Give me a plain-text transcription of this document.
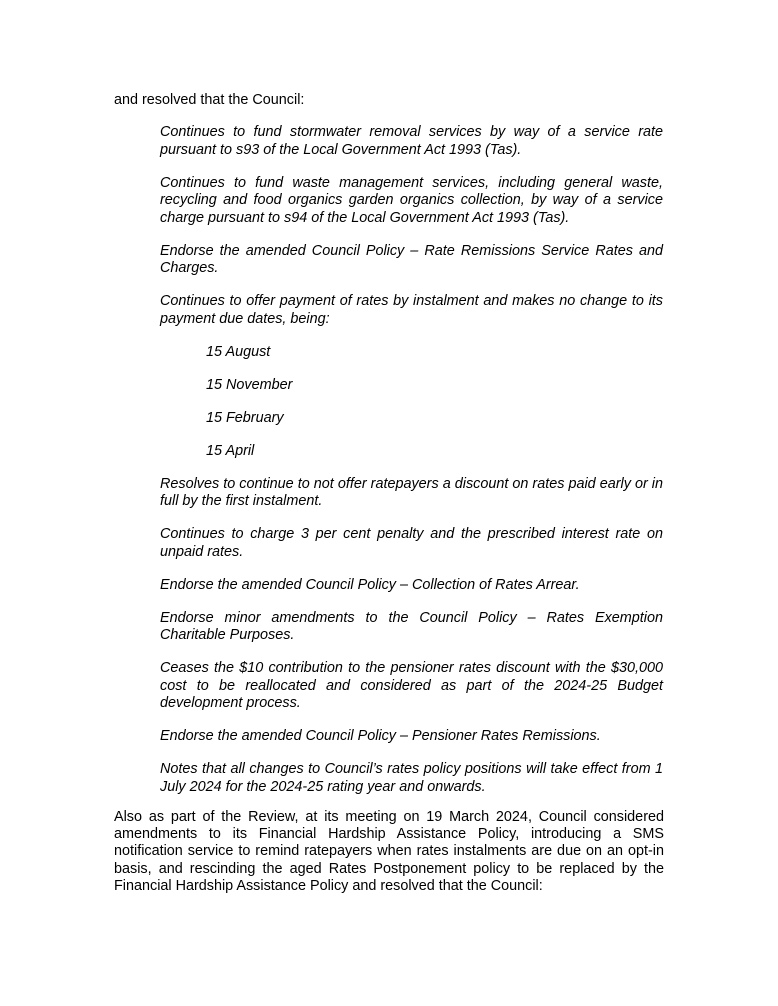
and resolved that the Council:

Continues to fund stormwater removal services by way of a service rate pursuant to s93 of the Local Government Act 1993 (Tas).
Continues to fund waste management services, including general waste, recycling and food organics garden organics collection, by way of a service charge pursuant to s94 of the Local Government Act 1993 (Tas).
Endorse the amended Council Policy – Rate Remissions Service Rates and Charges.
Continues to offer payment of rates by instalment and makes no change to its payment due dates, being:
15 August
15 November
15 February
15 April
Resolves to continue to not offer ratepayers a discount on rates paid early or in full by the first instalment.
Continues to charge 3 per cent penalty and the prescribed interest rate on unpaid rates.
Endorse the amended Council Policy – Collection of Rates Arrear.
Endorse minor amendments to the Council Policy – Rates Exemption Charitable Purposes.
Ceases the $10 contribution to the pensioner rates discount with the $30,000 cost to be reallocated and considered as part of the 2024-25 Budget development process.
Endorse the amended Council Policy – Pensioner Rates Remissions.
Notes that all changes to Council’s rates policy positions will take effect from 1 July 2024 for the 2024-25 rating year and onwards.

Also as part of the Review, at its meeting on 19 March 2024, Council considered amendments to its Financial Hardship Assistance Policy, introducing a SMS notification service to remind ratepayers when rates instalments are due on an opt-in basis, and rescinding the aged Rates Postponement policy to be replaced by the Financial Hardship Assistance Policy and resolved that the Council:
